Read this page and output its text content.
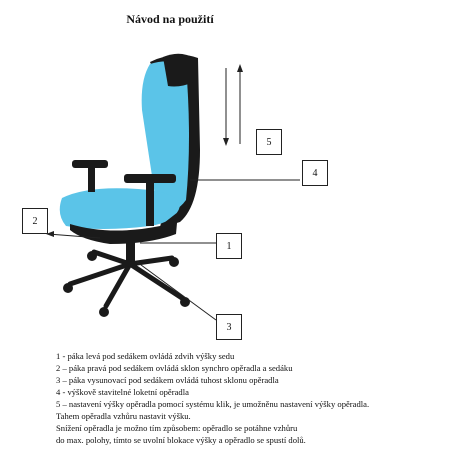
Návod na použití
5
4
2
1
3
1 - páka levá pod sedákem ovládá zdvih výšky sedu
2 – páka pravá pod sedákem ovládá sklon synchro opěradla a sedáku
3 – páka vysunovací pod sedákem ovládá tuhost sklonu opěradla
4 - výškově stavitelné loketní opěradla
5 – nastavení výšky opěradla pomocí systému klik, je umožněnu nastavení výšky opěradla.
Tahem opěradla vzhůru nastavit výšku.
Snížení opěradla je možno tím způsobem: opěradlo se potáhne vzhůru
do max. polohy, tímto se uvolní blokace výšky a opěradlo se spustí dolů.
